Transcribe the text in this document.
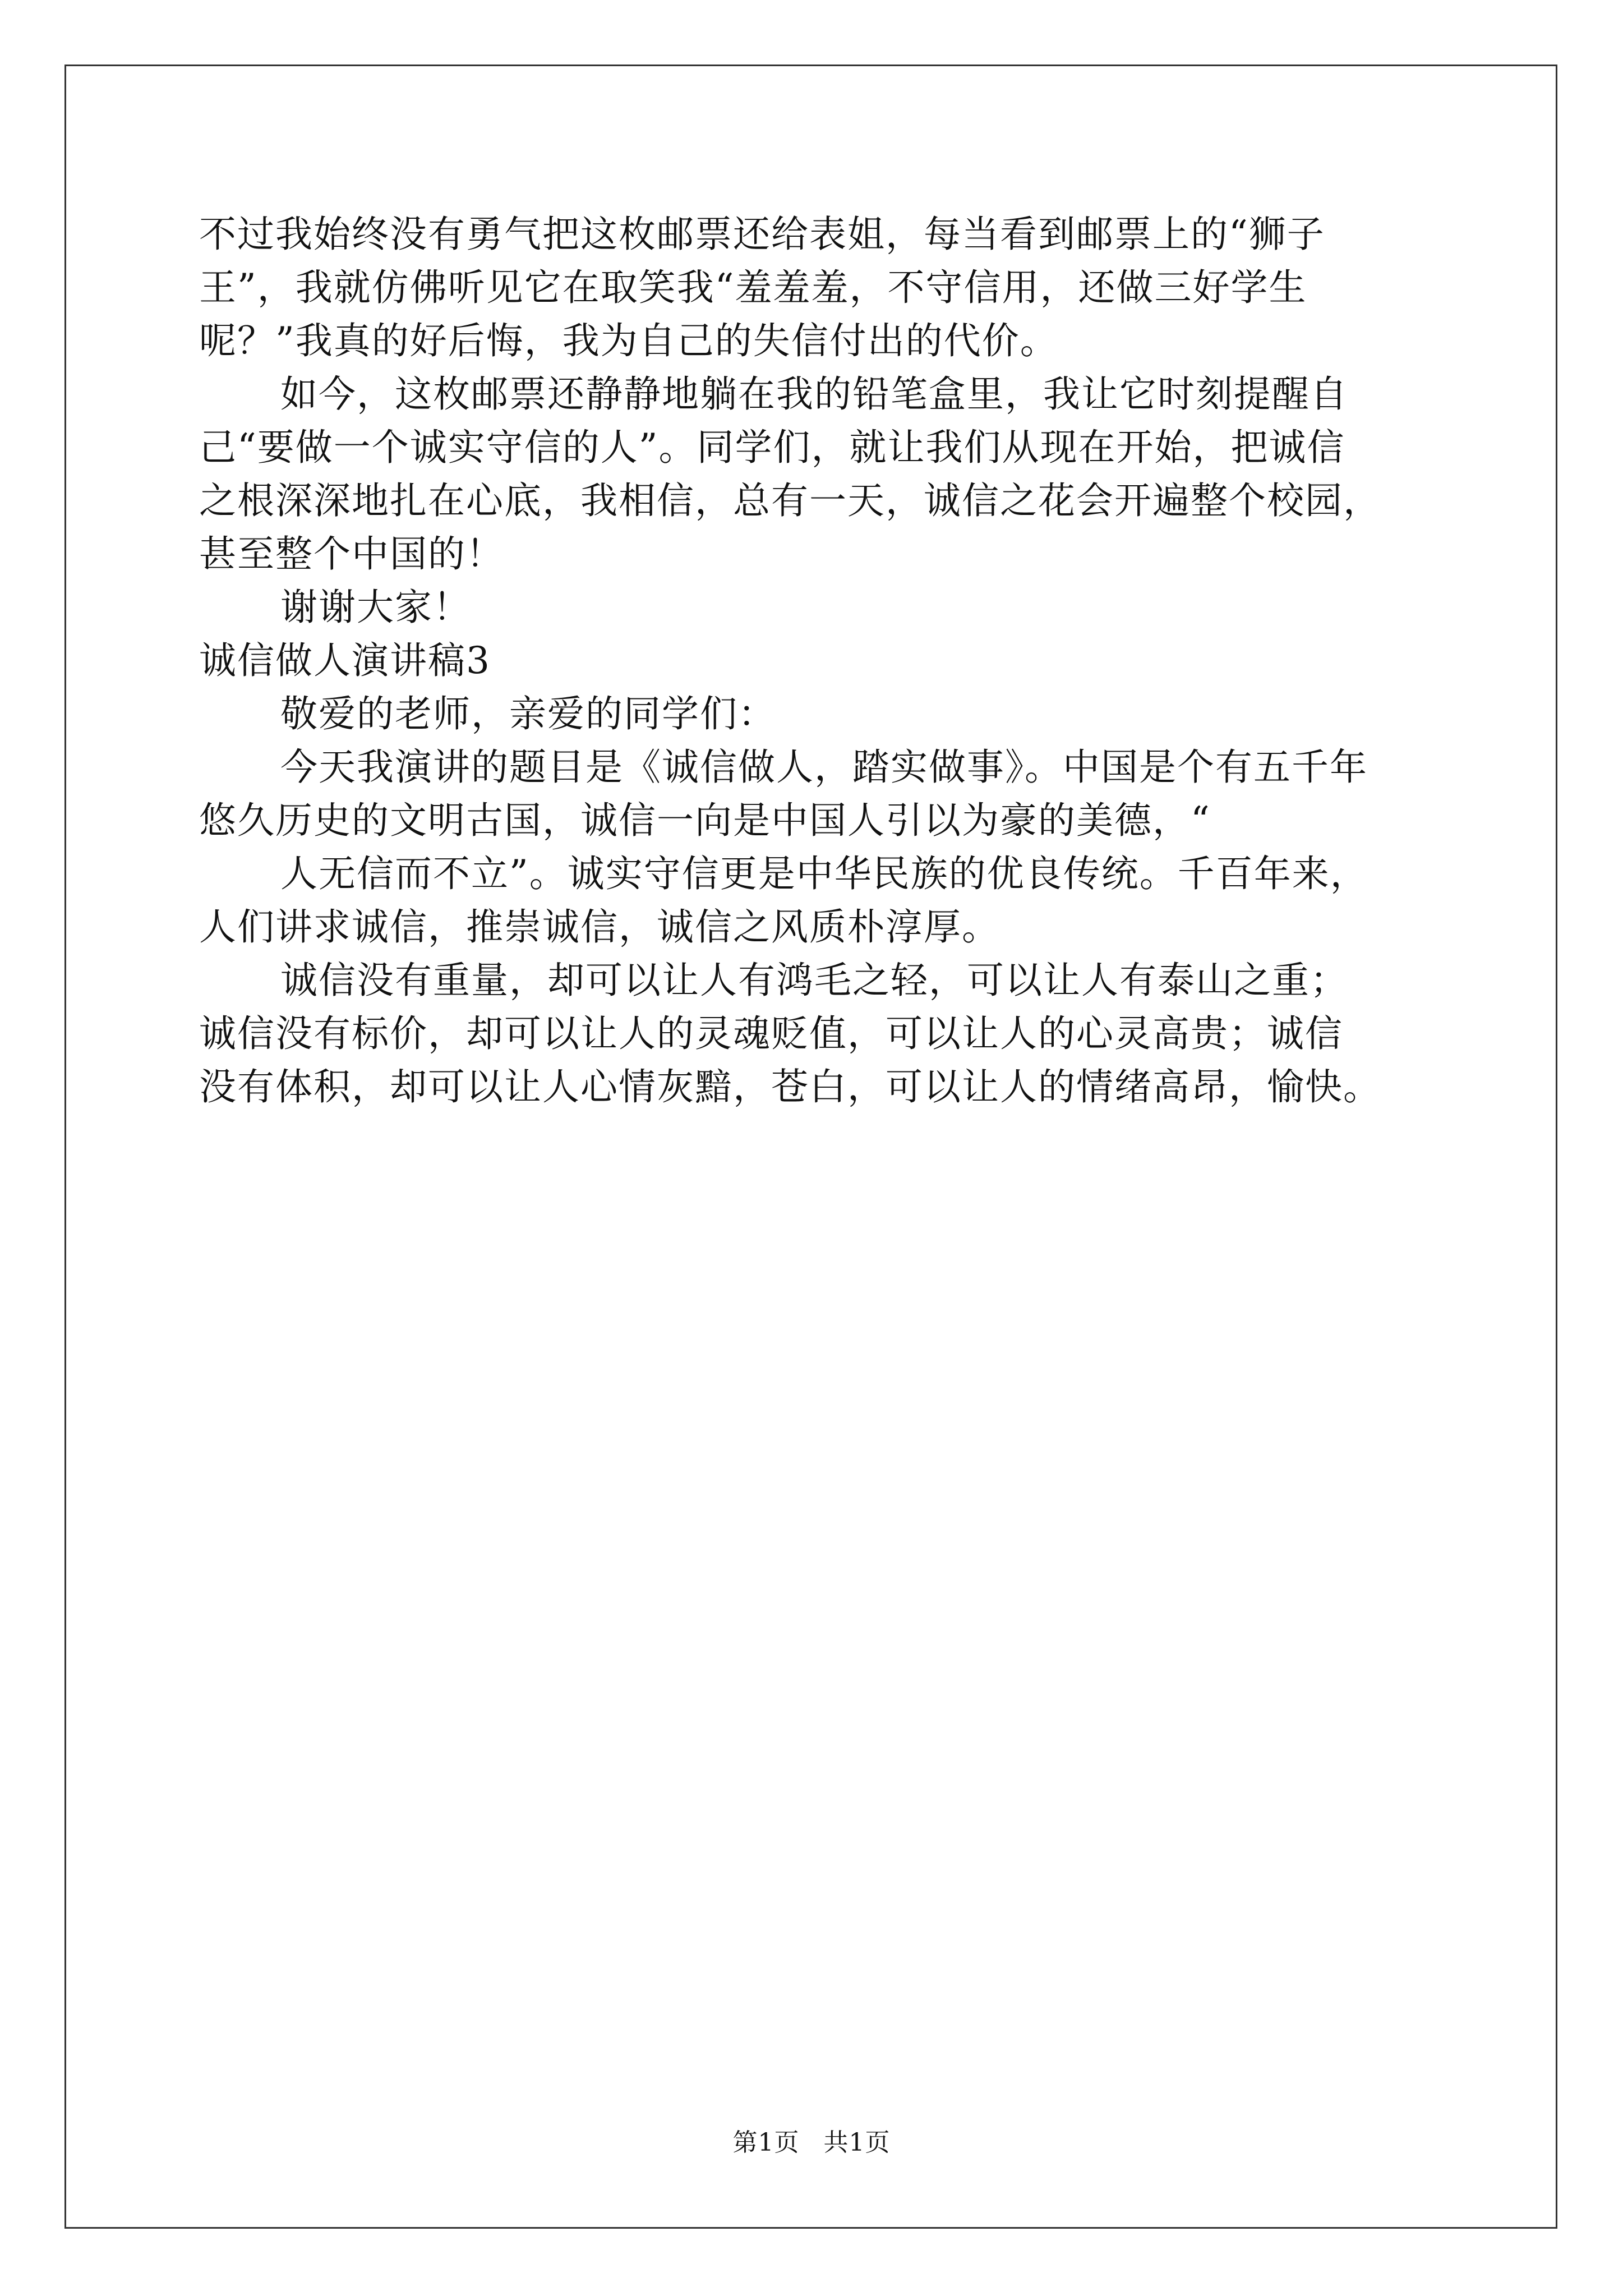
不过我始终没有勇气把这枚邮票还给表姐，每当看到邮票上的“狮子
王”，我就仿佛听见它在取笑我“羞羞羞，不守信用，还做三好学生
呢？”我真的好后悔，我为自己的失信付出的代价。

如今，这枚邮票还静静地躺在我的铅笔盒里，我让它时刻提醒自
己“要做一个诚实守信的人”。同学们，就让我们从现在开始，把诚信
之根深深地扎在心底，我相信，总有一天，诚信之花会开遍整个校园，
甚至整个中国的！

谢谢大家！

诚信做人演讲稿3

敬爱的老师，亲爱的同学们：

今天我演讲的题目是《诚信做人，踏实做事》。中国是个有五千年
悠久历史的文明古国，诚信一向是中国人引以为豪的美德，“

人无信而不立”。诚实守信更是中华民族的优良传统。千百年来，
人们讲求诚信，推崇诚信，诚信之风质朴淳厚。

诚信没有重量，却可以让人有鸿毛之轻，可以让人有泰山之重；
诚信没有标价，却可以让人的灵魂贬值，可以让人的心灵高贵；诚信
没有体积，却可以让人心情灰黯，苍白，可以让人的情绪高昂，愉快。

第1页 共1页
